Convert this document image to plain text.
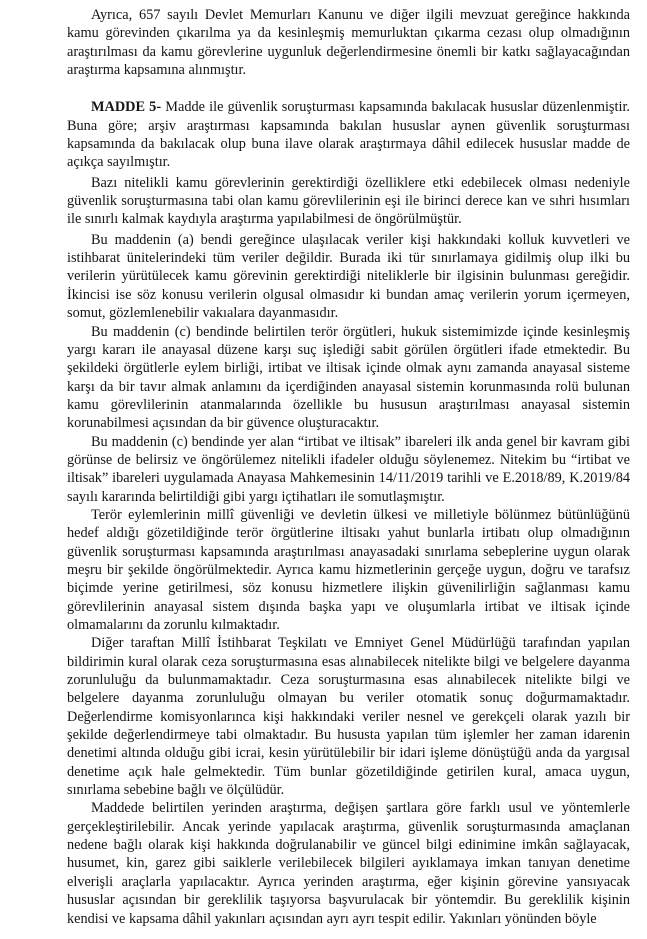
Ayrıca, 657 sayılı Devlet Memurları Kanunu ve diğer ilgili mevzuat gereğince hakkında kamu görevinden çıkarılma ya da kesinleşmiş memurluktan çıkarma cezası olup olmadığının araştırılması da kamu görevlerine uygunluk değerlendirmesine önemli bir katkı sağlayacağından araştırma kapsamına alınmıştır.

MADDE 5- Madde ile güvenlik soruşturması kapsamında bakılacak hususlar düzenlenmiştir. Buna göre; arşiv araştırması kapsamında bakılan hususlar aynen güvenlik soruşturması kapsamında da bakılacak olup buna ilave olarak araştırmaya dâhil edilecek hususlar madde de açıkça sayılmıştır.

Bazı nitelikli kamu görevlerinin gerektirdiği özelliklere etki edebilecek olması nedeniyle güvenlik soruşturmasına tabi olan kamu görevlilerinin eşi ile birinci derece kan ve sıhri hısımları ile sınırlı kalmak kaydıyla araştırma yapılabilmesi de öngörülmüştür.

Bu maddenin (a) bendi gereğince ulaşılacak veriler kişi hakkındaki kolluk kuvvetleri ve istihbarat ünitelerindeki tüm veriler değildir. Burada iki tür sınırlamaya gidilmiş olup ilki bu verilerin yürütülecek kamu görevinin gerektirdiği niteliklerle bir ilgisinin bulunması gereğidir. İkincisi ise söz konusu verilerin olgusal olmasıdır ki bundan amaç verilerin yorum içermeyen, somut, gözlemlenebilir vakıalara dayanmasıdır.

Bu maddenin (c) bendinde belirtilen terör örgütleri, hukuk sistemimizde içinde kesinleşmiş yargı kararı ile anayasal düzene karşı suç işlediği sabit görülen örgütleri ifade etmektedir. Bu şekildeki örgütlerle eylem birliği, irtibat ve iltisak içinde olmak aynı zamanda anayasal sisteme karşı da bir tavır almak anlamını da içerdiğinden anayasal sistemin korunmasında rolü bulunan kamu görevlilerinin atanmalarında özellikle bu hususun araştırılması anayasal sistemin korunabilmesi açısından da bir güvence oluşturacaktır.

Bu maddenin (c) bendinde yer alan “irtibat ve iltisak” ibareleri ilk anda genel bir kavram gibi görünse de belirsiz ve öngörülemez nitelikli ifadeler olduğu söylenemez. Nitekim bu “irtibat ve iltisak” ibareleri uygulamada Anayasa Mahkemesinin 14/11/2019 tarihli ve E.2018/89, K.2019/84 sayılı kararında belirtildiği gibi yargı içtihatları ile somutlaşmıştır.

Terör eylemlerinin millî güvenliği ve devletin ülkesi ve milletiyle bölünmez bütünlüğünü hedef aldığı gözetildiğinde terör örgütlerine iltisakı yahut bunlarla irtibatı olup olmadığının güvenlik soruşturması kapsamında araştırılması anayasadaki sınırlama sebeplerine uygun olarak meşru bir şekilde öngörülmektedir. Ayrıca kamu hizmetlerinin gerçeğe uygun, doğru ve tarafsız biçimde yerine getirilmesi, söz konusu hizmetlere ilişkin güvenilirliğin sağlanması kamu görevlilerinin anayasal sistem dışında başka yapı ve oluşumlarla irtibat ve iltisak içinde olmamalarını da zorunlu kılmaktadır.

Diğer taraftan Millî İstihbarat Teşkilatı ve Emniyet Genel Müdürlüğü tarafından yapılan bildirimin kural olarak ceza soruşturmasına esas alınabilecek nitelikte bilgi ve belgelere dayanma zorunluluğu da bulunmamaktadır. Ceza soruşturmasına esas alınabilecek nitelikte bilgi ve belgelere dayanma zorunluluğu olmayan bu veriler otomatik sonuç doğurmamaktadır. Değerlendirme komisyonlarınca kişi hakkındaki veriler nesnel ve gerekçeli olarak yazılı bir şekilde değerlendirmeye tabi olmaktadır. Bu hususta yapılan tüm işlemler her zaman idarenin denetimi altında olduğu gibi icrai, kesin yürütülebilir bir idari işleme dönüştüğü anda da yargısal denetime açık hale gelmektedir. Tüm bunlar gözetildiğinde getirilen kural, amaca uygun, sınırlama sebebine bağlı ve ölçülüdür.

Maddede belirtilen yerinden araştırma, değişen şartlara göre farklı usul ve yöntemlerle gerçekleştirilebilir. Ancak yerinde yapılacak araştırma, güvenlik soruşturmasında amaçlanan nedene bağlı olarak kişi hakkında doğrulanabilir ve güncel bilgi edinimine imkân sağlayacak, husumet, kin, garez gibi saiklerle verilebilecek bilgileri ayıklamaya imkan tanıyan denetime elverişli araçlarla yapılacaktır. Ayrıca yerinden araştırma, eğer kişinin görevine yansıyacak hususlar açısından bir gereklilik taşıyorsa başvurulacak bir yöntemdir. Bu gereklilik kişinin kendisi ve kapsama dâhil yakınları açısından ayrı ayrı tespit edilir. Yakınları yönünden böyle
